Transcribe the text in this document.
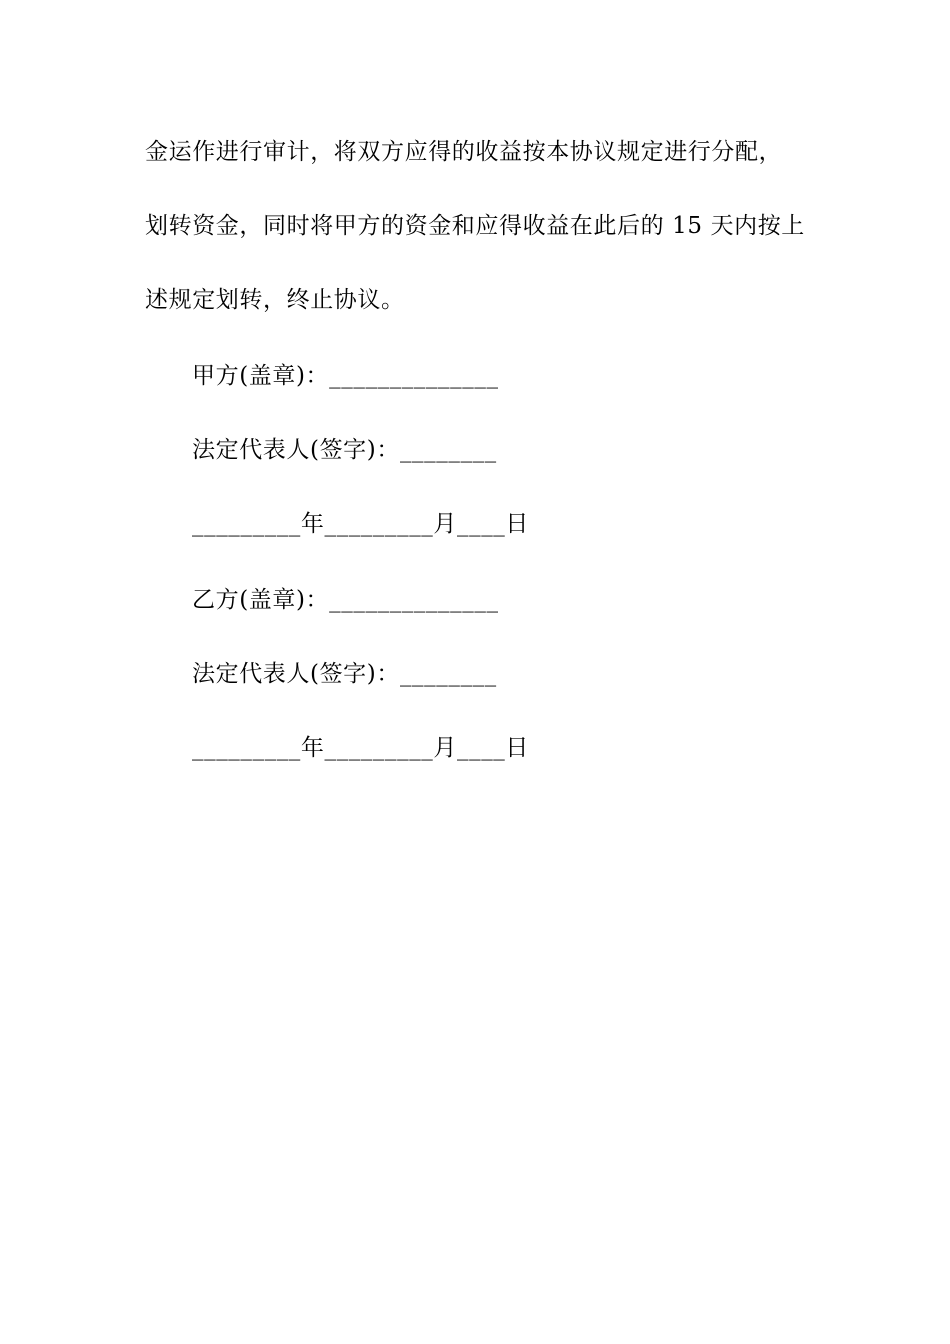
金运作进行审计，将双方应得的收益按本协议规定进行分配，
划转资金，同时将甲方的资金和应得收益在此后的 15 天内按上
述规定划转，终止协议。
甲方(盖章)：______________
法定代表人(签字)：________
_________年_________月____日
乙方(盖章)：______________
法定代表人(签字)：________
_________年_________月____日
